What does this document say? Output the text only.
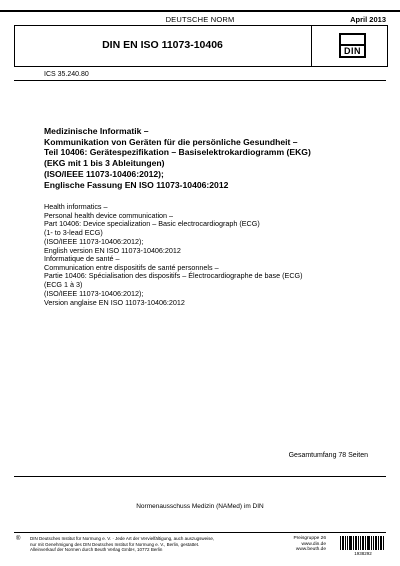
DEUTSCHE NORM	April 2013
DIN EN ISO 11073-10406	DIN
ICS 35.240.80
Medizinische Informatik –
Kommunikation von Geräten für die persönliche Gesundheit –
Teil 10406: Gerätespezifikation – Basiselektrokardiogramm (EKG)
(EKG mit 1 bis 3 Ableitungen)
(ISO/IEEE 11073-10406:2012);
Englische Fassung EN ISO 11073-10406:2012
Health informatics –
Personal health device communication –
Part 10406: Device specialization – Basic electrocardiograph (ECG)
(1- to 3-lead ECG)
(ISO/IEEE 11073-10406:2012);
English version EN ISO 11073-10406:2012
Informatique de santé –
Communication entre dispositifs de santé personnels –
Partie 10406: Spécialisation des dispositifs – Électrocardiographe de base (ECG)
(ECG 1 à 3)
(ISO/IEEE 11073-10406:2012);
Version anglaise EN ISO 11073-10406:2012
Gesamtumfang 78 Seiten
Normenausschuss Medizin (NAMed) im DIN
® DIN Deutsches Institut für Normung e. V. · Jede Art der Vervielfältigung, auch auszugsweise,
nur mit Genehmigung des DIN Deutsches Institut für Normung e. V., Berlin, gestattet.
Alleinverkauf der Normen durch Beuth Verlag GmbH, 10772 Berlin
Preisgruppe 26
www.din.de
www.beuth.de
1938292
